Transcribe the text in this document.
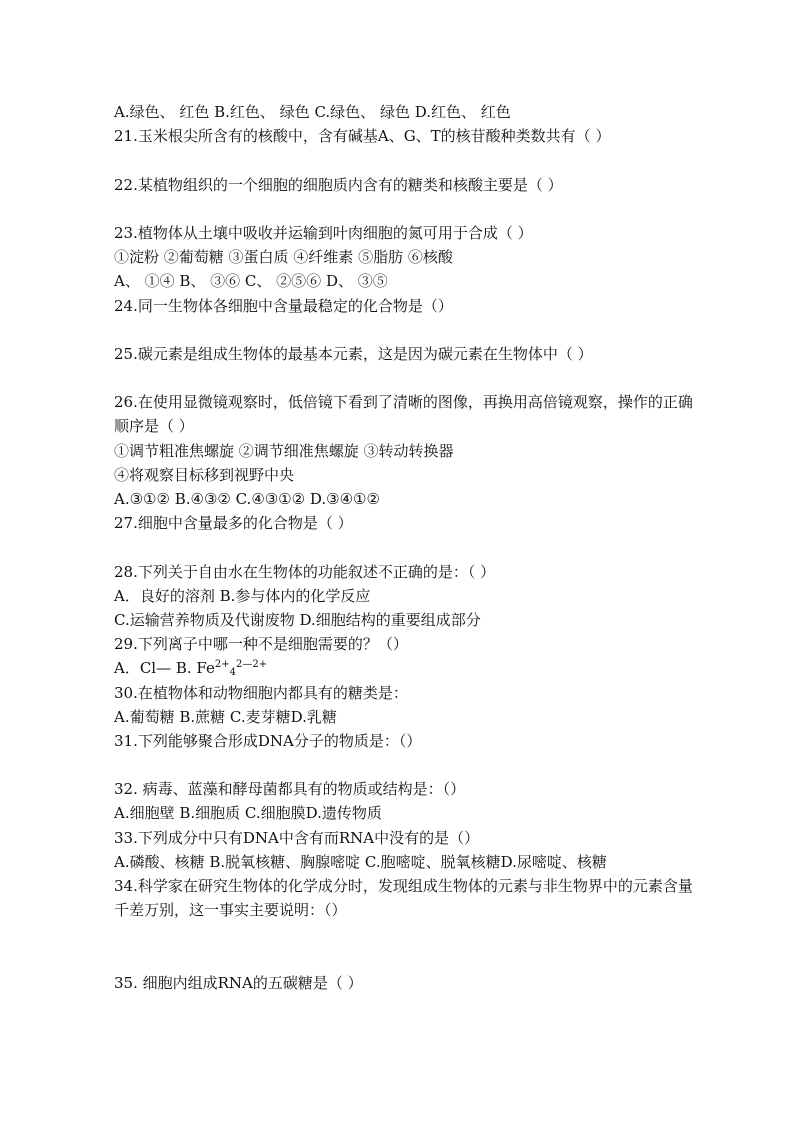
A.绿色、 红色 B.红色、 绿色 C.绿色、 绿色 D.红色、 红色
21.玉米根尖所含有的核酸中，含有碱基A、G、T的核苷酸种类数共有（ ）
22.某植物组织的一个细胞的细胞质内含有的糖类和核酸主要是（ ）
23.植物体从土壤中吸收并运输到叶肉细胞的氮可用于合成（ ）
①淀粉 ②葡萄糖 ③蛋白质 ④纤维素 ⑤脂肪 ⑥核酸
A、 ①④ B、 ③⑥ C、 ②⑤⑥ D、 ③⑤
24.同一生物体各细胞中含量最稳定的化合物是（）
25.碳元素是组成生物体的最基本元素，这是因为碳元素在生物体中（ ）
26.在使用显微镜观察时，低倍镜下看到了清晰的图像，再换用高倍镜观察，操作的正确顺序是（ ）
①调节粗准焦螺旋 ②调节细准焦螺旋 ③转动转换器
④将观察目标移到视野中央
A.③①② B.④③② C.④③①② D.③④①②
27.细胞中含量最多的化合物是（ ）
28.下列关于自由水在生物体的功能叙述不正确的是：（ ）
A．良好的溶剂 B.参与体内的化学反应
C.运输营养物质及代谢废物 D.细胞结构的重要组成部分
29.下列离子中哪一种不是细胞需要的？（）
A．Cl— B. $Fe^{2+}_4^{2—2+}$
30.在植物体和动物细胞内都具有的糖类是：
A.葡萄糖 B.蔗糖 C.麦芽糖D.乳糖
31.下列能够聚合形成DNA分子的物质是：（）
32. 病毒、蓝藻和酵母菌都具有的物质或结构是：（）
A.细胞壁 B.细胞质 C.细胞膜D.遗传物质
33.下列成分中只有DNA中含有而RNA中没有的是（）
A.磷酸、核糖 B.脱氧核糖、胸腺嘧啶 C.胞嘧啶、脱氧核糖D.尿嘧啶、核糖
34.科学家在研究生物体的化学成分时，发现组成生物体的元素与非生物界中的元素含量千差万别，这一事实主要说明：（）
35. 细胞内组成RNA的五碳糖是（ ）
